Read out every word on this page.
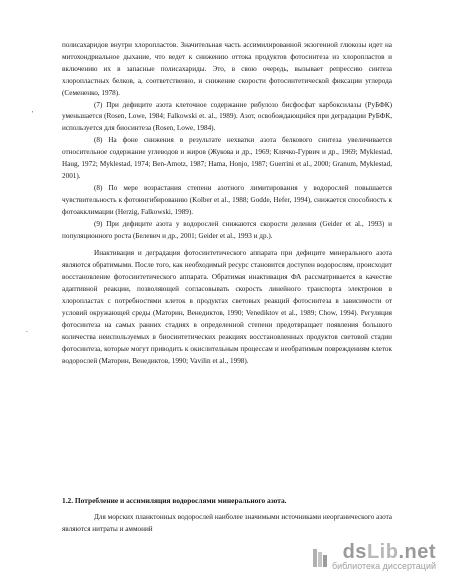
'
.

полисахаридов внутри хлоропластов. Значительная часть ассимилированной экзогенной глюкозы идет на митохондриальное дыхание, что ведет к снижению оттока продуктов фотосинтеза из хлоропластов и включению их в запасные полисахариды. Это, в свою очередь, вызывает репрессию синтеза хлоропластных белков, а, соответственно, и снижение скорости фотосинтетической фиксации углерода (Семененко, 1978).

(7) При дефиците азота клеточное содержание рибулозо бисфосфат карбоксилазы (РуБФК) уменьшается (Rosen, Lowe, 1984; Falkowski et. al., 1989). Азот, освобождающийся при деградации РуБФК, используется для биосинтеза (Rosen, Lowe, 1984).

(8) На фоне снижения в результате нехватки азота белкового синтеза увеличивается относительное содержание углеводов и жиров (Жукова и др., 1969; Клячко-Гурвич и др., 1969; Myklestad, Haug, 1972; Myklestad, 1974; Ben-Amotz, 1987; Hama, Honjo, 1987; Guerrini et al., 2000; Granum, Myklestad, 2001).

(8) По мере возрастания степени азотного лимитирования у водорослей повышается чувствительность к фотоингибированию (Kolber et al., 1988; Godde, Hefer, 1994), снижается способность к фотоакклимации (Herzig, Falkowski, 1989).

(9) При дефиците азота у водорослей снижаются скорости деления (Geider et al., 1993) и популяционного роста (Белевич и др., 2001; Geider et al., 1993 и др.).

Инактивация и деградация фотосинтетического аппарата при дефиците минерального азота являются обратимыми. После того, как необходимый ресурс становится доступен водорослям, происходит восстановление фотосинтетического аппарата. Обратимая инактивация ФА рассматривается в качестве адаптивной реакции, позволяющей согласовывать скорость линейного транспорта электронов в хлоропластах с потребностями клеток в продуктах световых реакций фотосинтеза в зависимости от условий окружающей среды (Маторин, Венедиктов, 1990; Venediktov et al., 1989; Chow, 1994). Регуляция фотосинтеза на самых ранних стадиях в определенной степени предотвращает появления большого количества неиспользуемых в биосинтетических реакциях восстановленных продуктов световой стадии фотосинтеза, которые могут приводить к окислительным процессам и необратимым повреждениям клеток водорослей (Маторин, Венедиктов, 1990; Vavilin et al., 1998).

1.2. Потребление и ассимиляция водорослями минерального азота.

Для морских планктонных водорослей наиболее значимыми источниками неорганического азота являются нитраты и аммоний

dsLib.net
библиотека диссертаций
